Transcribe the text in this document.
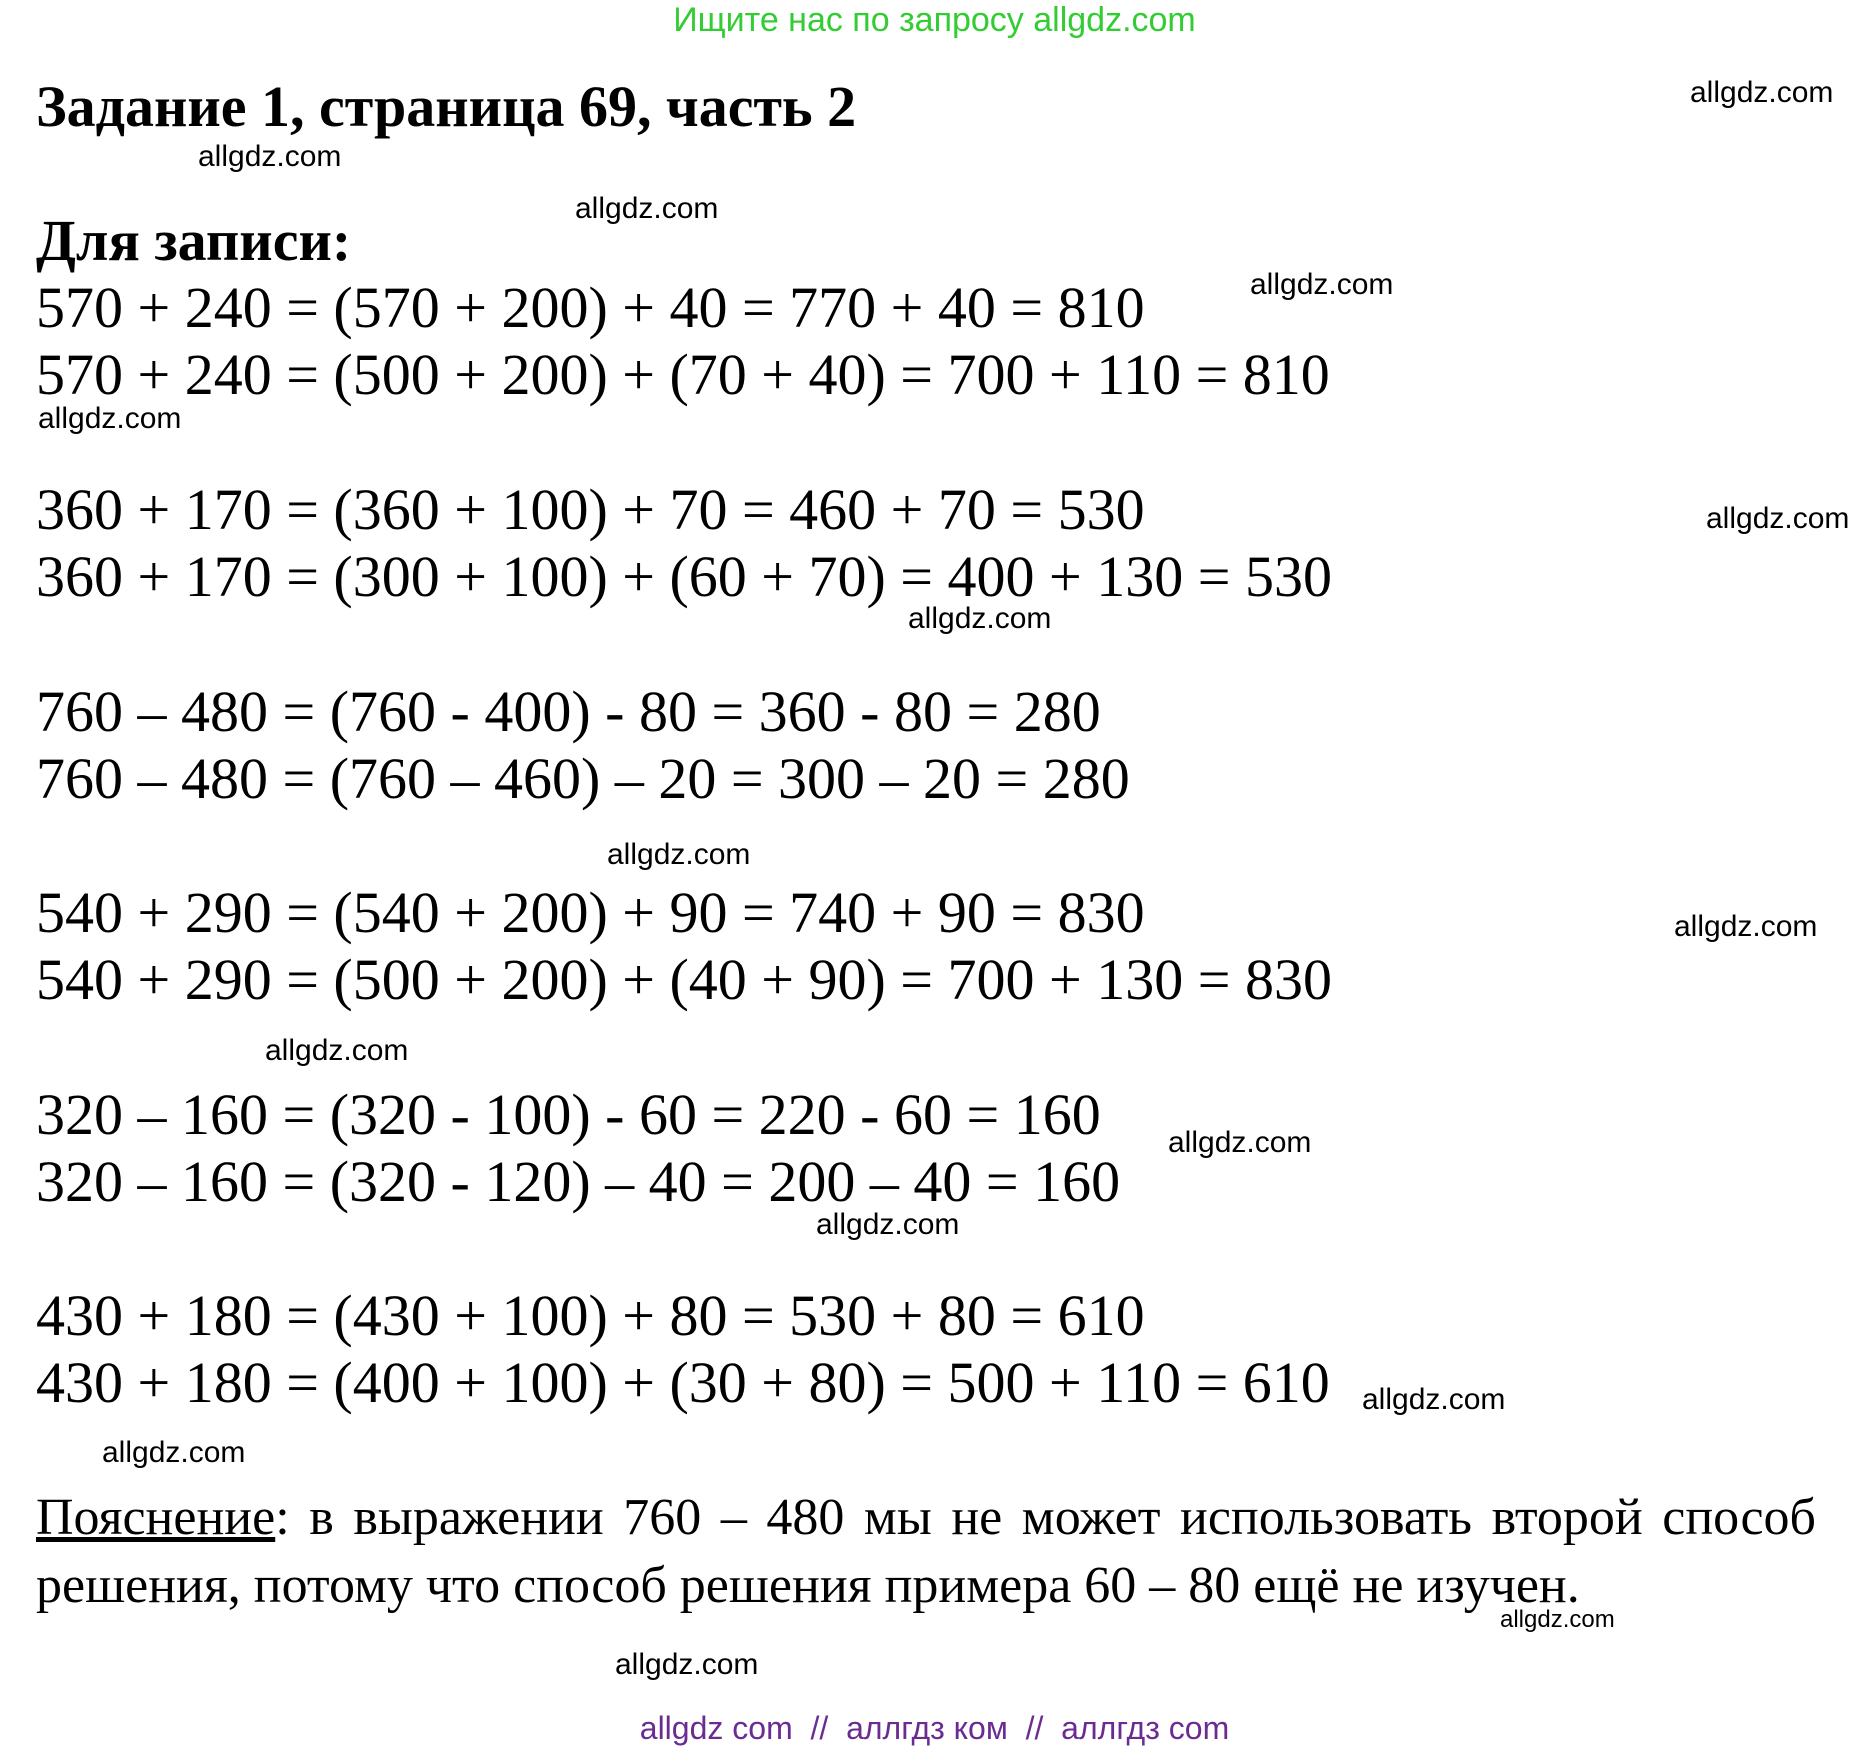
Ищите нас по запросу allgdz.com
Задание 1, страница 69, часть 2
Для записи:
570 + 240 = (570 + 200) + 40 = 770 + 40 = 810
570 + 240 = (500 + 200) + (70 + 40) = 700 + 110 = 810
360 + 170 = (360 + 100) + 70 = 460 + 70 = 530
360 + 170 = (300 + 100) + (60 + 70) = 400 + 130 = 530
760 – 480 = (760 - 400) - 80 = 360 - 80 = 280
760 – 480 = (760 – 460) – 20 = 300 – 20 = 280
540 + 290 = (540 + 200) + 90 = 740 + 90 = 830
540 + 290 = (500 + 200) + (40 + 90) = 700 + 130 = 830
320 – 160 = (320 - 100) - 60 = 220 - 60 = 160
320 – 160 = (320 - 120) – 40 = 200 – 40 = 160
430 + 180 = (430 + 100) + 80 = 530 + 80 = 610
430 + 180 = (400 + 100) + (30 + 80) = 500 + 110 = 610
Пояснение: в выражении 760 – 480 мы не может использовать второй способ решения, потому что способ решения примера 60 – 80 ещё не изучен.
allgdz.com
allgdz.com
allgdz.com
allgdz.com
allgdz.com
allgdz.com
allgdz.com
allgdz.com
allgdz.com
allgdz.com
allgdz.com
allgdz.com
allgdz.com
allgdz.com
allgdz.com
allgdz.com
allgdz com  //  аллгдз ком  //  аллгдз com
